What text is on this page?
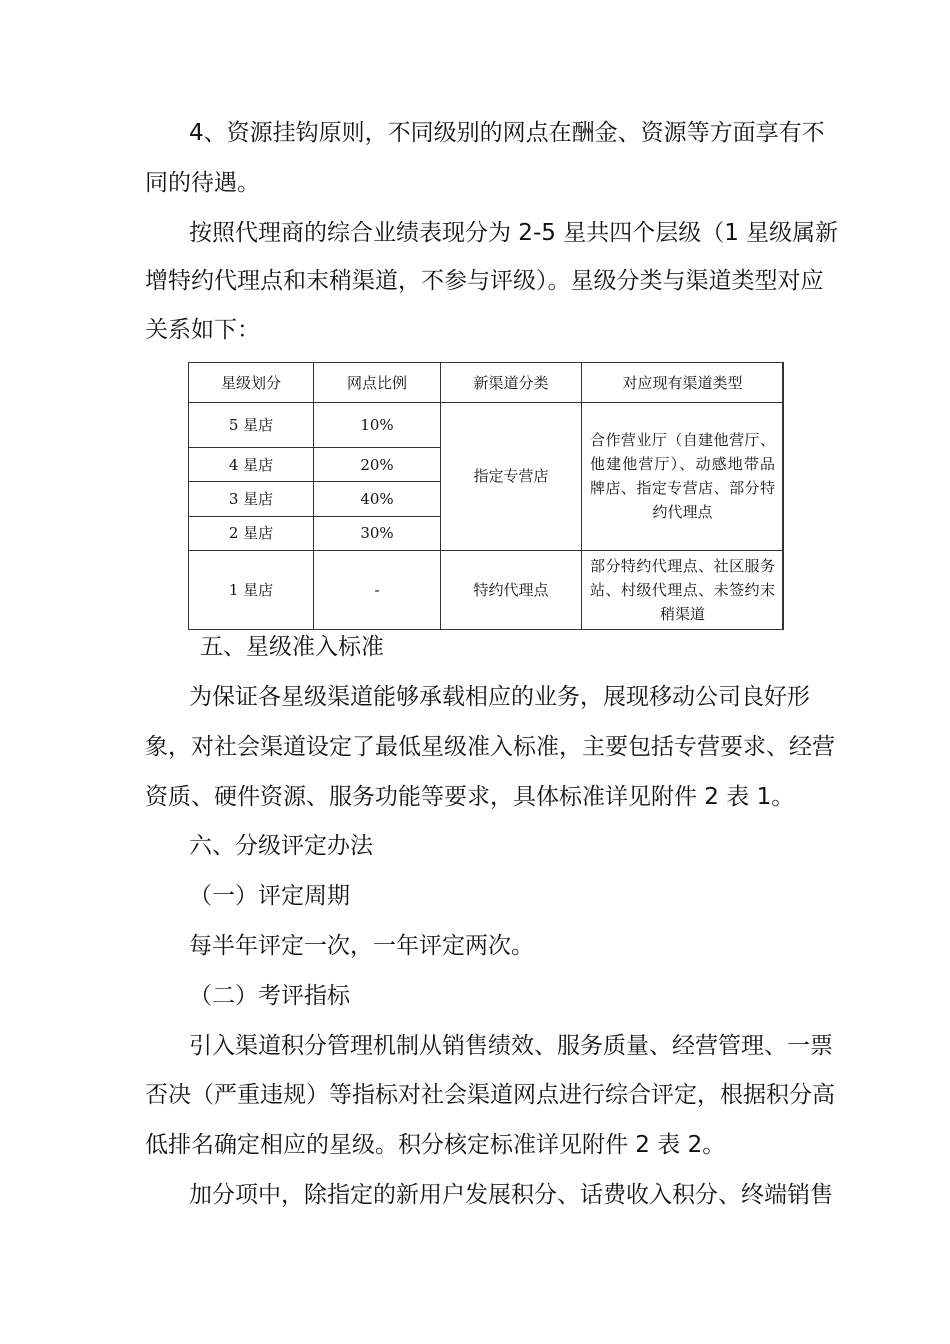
4、资源挂钩原则，不同级别的网点在酬金、资源等方面享有不
同的待遇。
按照代理商的综合业绩表现分为 2-5 星共四个层级（1 星级属新
增特约代理点和末稍渠道，不参与评级）。星级分类与渠道类型对应
关系如下：
星级划分	网点比例	新渠道分类	对应现有渠道类型
5 星店	10%	指定专营店	合作营业厅（自建他营厅、他建他营厅）、动感地带品牌店、指定专营店、部分特约代理点
4 星店	20%		
3 星店	40%		
2 星店	30%		
1 星店	-	特约代理点	部分特约代理点、社区服务站、村级代理点、未签约末稍渠道
五、星级准入标准
为保证各星级渠道能够承载相应的业务，展现移动公司良好形
象，对社会渠道设定了最低星级准入标准，主要包括专营要求、经营
资质、硬件资源、服务功能等要求，具体标准详见附件 2 表 1。
六、分级评定办法
（一）评定周期
每半年评定一次，一年评定两次。
（二）考评指标
引入渠道积分管理机制从销售绩效、服务质量、经营管理、一票
否决（严重违规）等指标对社会渠道网点进行综合评定，根据积分高
低排名确定相应的星级。积分核定标准详见附件 2 表 2。
加分项中，除指定的新用户发展积分、话费收入积分、终端销售
